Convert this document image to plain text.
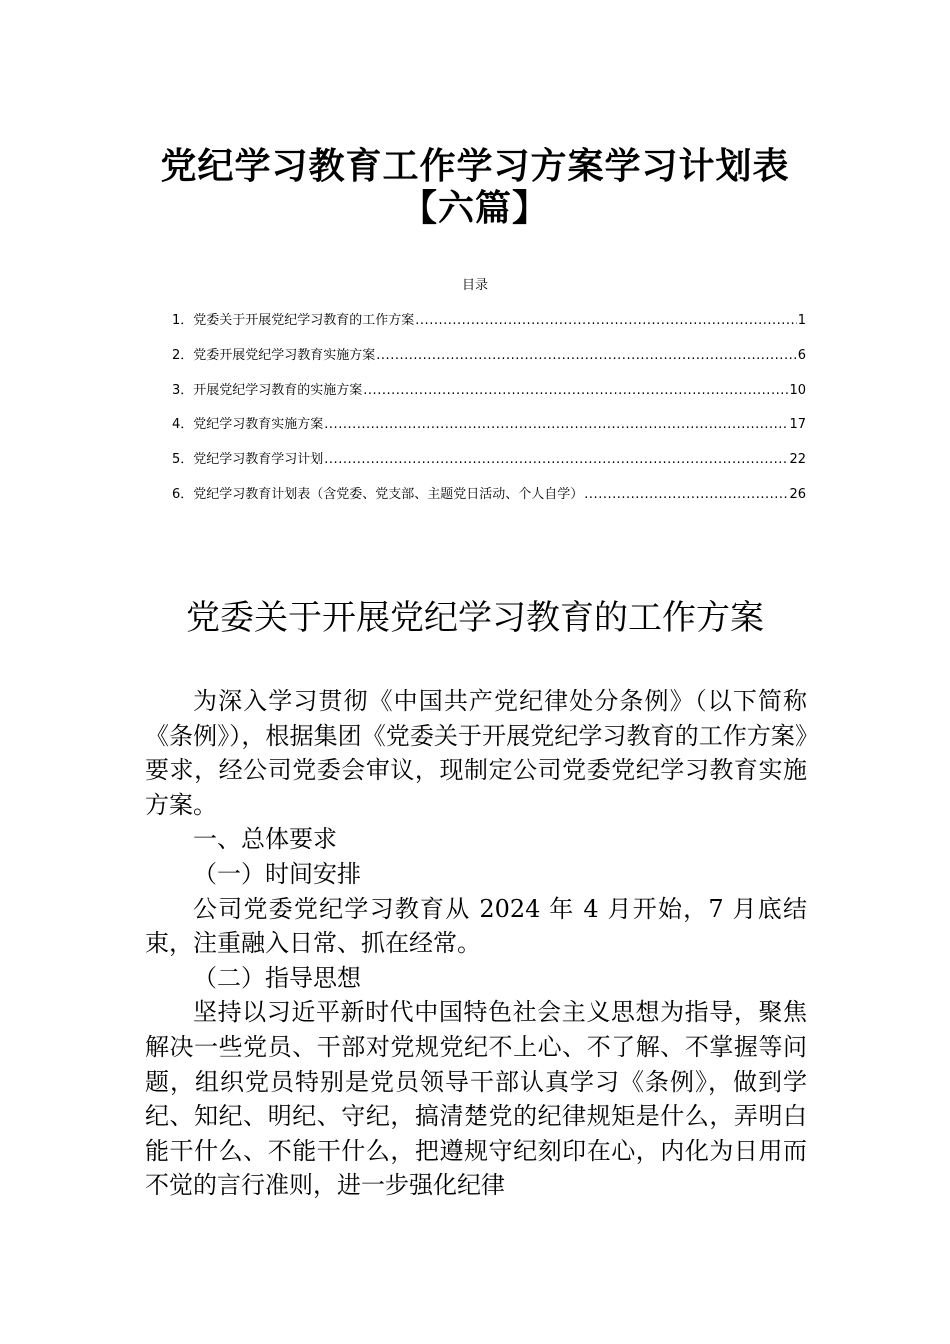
党纪学习教育工作学习方案学习计划表
【六篇】
目录
1． 党委关于开展党纪学习教育的工作方案 .....	1
2． 党委开展党纪学习教育实施方案 .....	6
3． 开展党纪学习教育的实施方案 .....	10
4． 党纪学习教育实施方案 .....	17
5． 党纪学习教育学习计划 .....	22
6． 党纪学习教育计划表（含党委、党支部、主题党日活动、个人自学） .....	26
党委关于开展党纪学习教育的工作方案

为深入学习贯彻《中国共产党纪律处分条例》（以下简称《条例》），根据集团《党委关于开展党纪学习教育的工作方案》要求，经公司党委会审议，现制定公司党委党纪学习教育实施方案。

一、总体要求

（一）时间安排

公司党委党纪学习教育从 2024 年 4 月开始，7 月底结束，注重融入日常、抓在经常。

（二）指导思想

坚持以习近平新时代中国特色社会主义思想为指导，聚焦解决一些党员、干部对党规党纪不上心、不了解、不掌握等问题，组织党员特别是党员领导干部认真学习《条例》，做到学纪、知纪、明纪、守纪，搞清楚党的纪律规矩是什么，弄明白能干什么、不能干什么，把遵规守纪刻印在心，内化为日用而不觉的言行准则，进一步强化纪律
